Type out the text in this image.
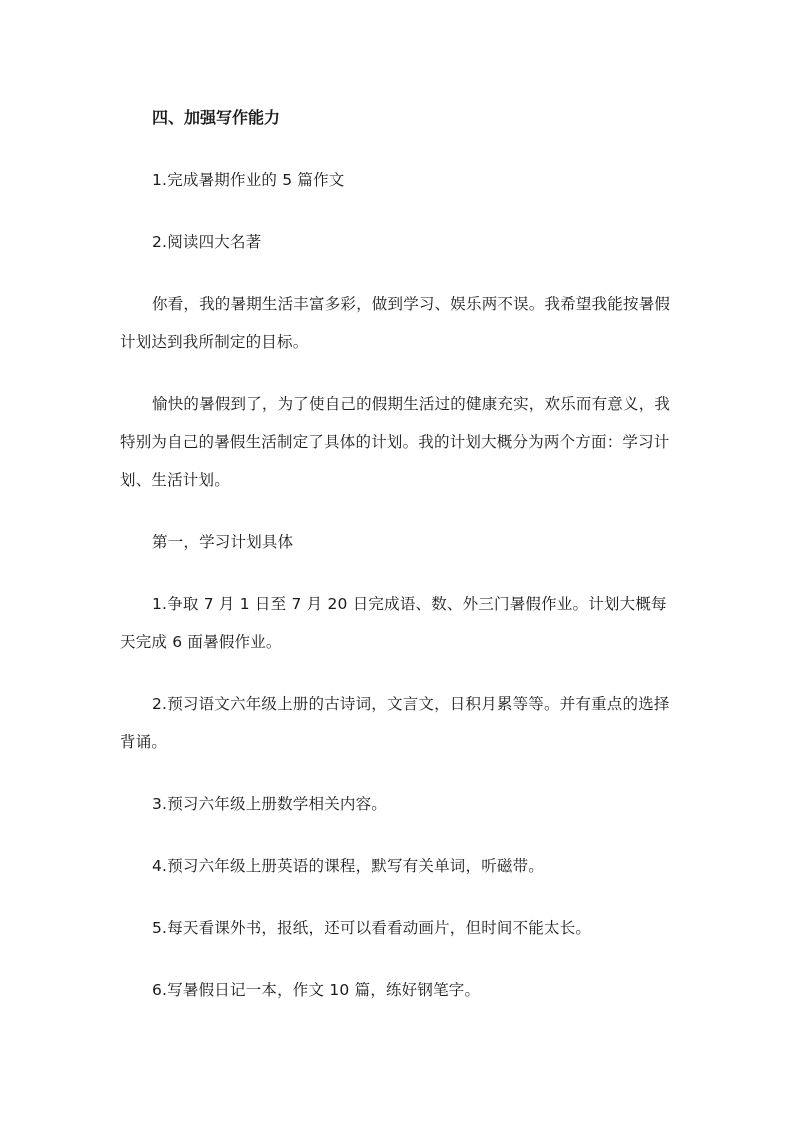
四、加强写作能力

1.完成暑期作业的 5 篇作文

2.阅读四大名著

你看，我的暑期生活丰富多彩，做到学习、娱乐两不误。我希望我能按暑假计划达到我所制定的目标。

愉快的暑假到了，为了使自己的假期生活过的健康充实，欢乐而有意义，我特别为自己的暑假生活制定了具体的计划。我的计划大概分为两个方面：学习计划、生活计划。

第一，学习计划具体

1.争取 7 月 1 日至 7 月 20 日完成语、数、外三门暑假作业。计划大概每天完成 6 面暑假作业。

2.预习语文六年级上册的古诗词，文言文，日积月累等等。并有重点的选择背诵。

3.预习六年级上册数学相关内容。

4.预习六年级上册英语的课程，默写有关单词，听磁带。

5.每天看课外书，报纸，还可以看看动画片，但时间不能太长。

6.写暑假日记一本，作文 10 篇，练好钢笔字。
